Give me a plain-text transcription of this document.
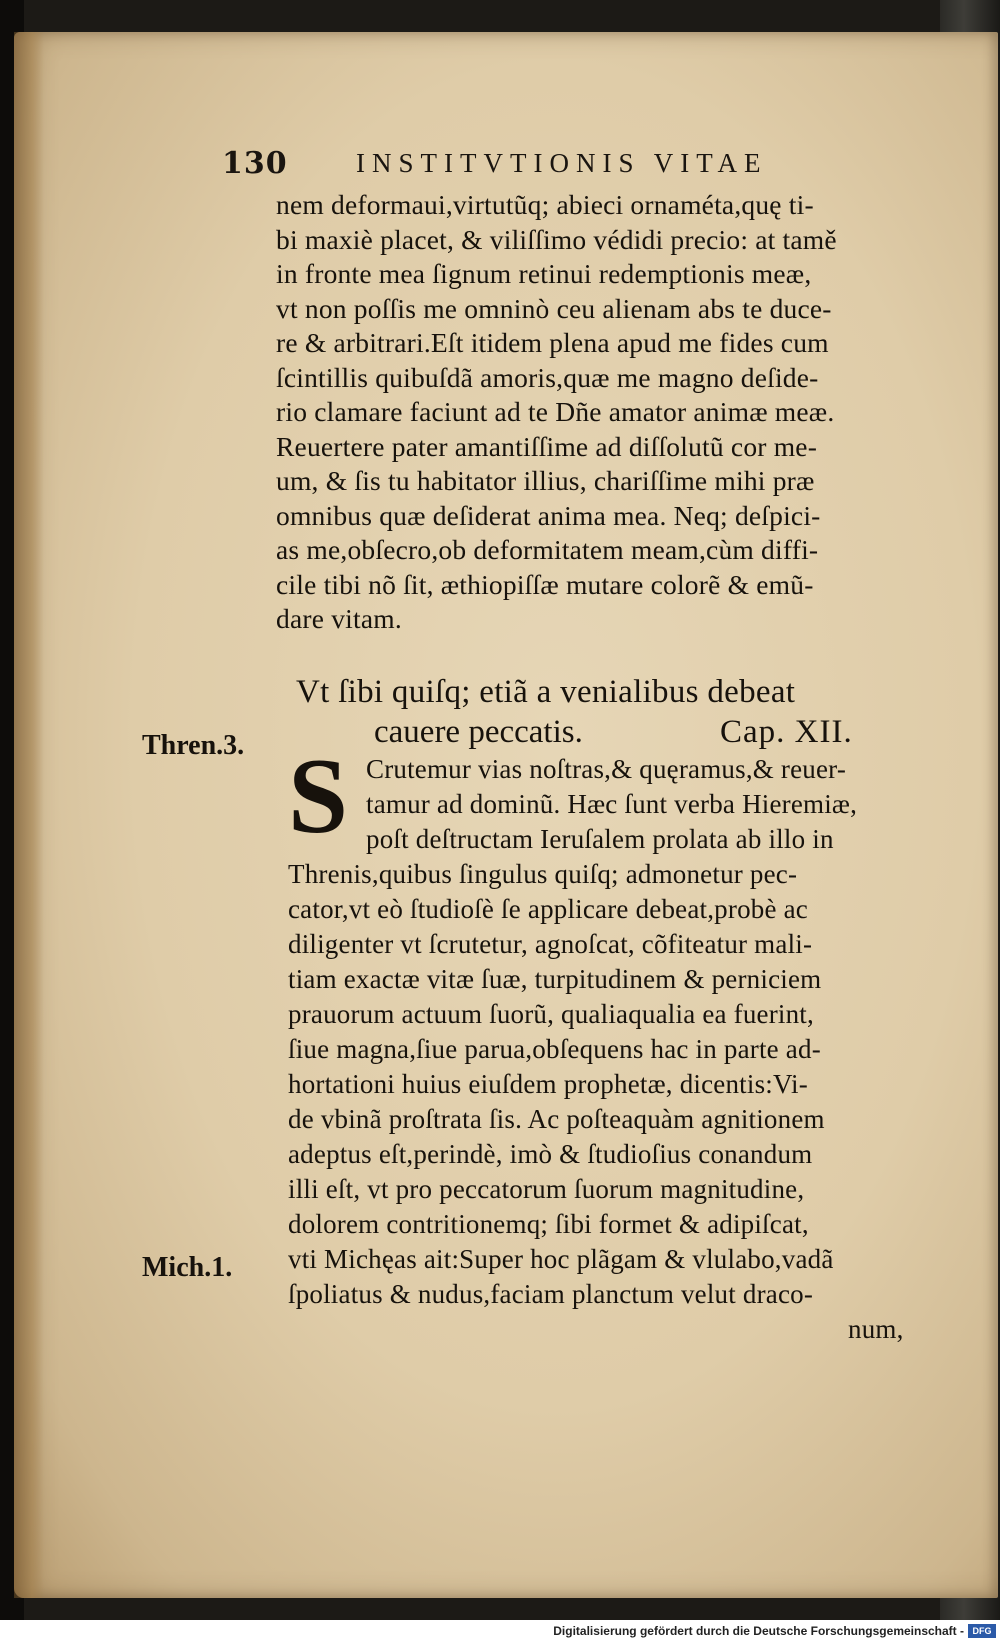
130	INSTITVTIONIS VITAE
nem deformaui,virtutũq; abieci ornaméta,quę ti-
bi maxiè placet, & viliſſimo védidi precio: at tamě
in fronte mea ſignum retinui redemptionis meæ,
vt non poſſis me omninò ceu alienam abs te duce-
re & arbitrari.Eſt itidem plena apud me fides cum
ſcintillis quibuſdã amoris,quæ me magno deſide-
rio clamare faciunt ad te Dñe amator animæ meæ.
Reuertere pater amantiſſime ad diſſolutũ cor me-
um, & ſis tu habitator illius, chariſſime mihi præ
omnibus quæ deſiderat anima mea. Neq; deſpici-
as me,obſecro,ob deformitatem meam,cùm diffi-
cile tibi nõ ſit, æthiopiſſæ mutare colorẽ & emũ-
dare vitam.
Vt ſibi quiſq; etiã a venialibus debeat
cauere peccatis.	Cap. XII.
Thren.3.
Mich.1.
S Crutemur vias noſtras,& quęramus,& reuer-
tamur ad dominũ. Hæc ſunt verba Hieremiæ,
poſt deſtructam Ieruſalem prolata ab illo in
Threnis,quibus ſingulus quiſq; admonetur pec-
cator,vt eò ſtudioſè ſe applicare debeat,probè ac
diligenter vt ſcrutetur, agnoſcat, cõfiteatur mali-
tiam exactæ vitæ ſuæ, turpitudinem & perniciem
prauorum actuum ſuorũ, qualiaqualia ea fuerint,
ſiue magna,ſiue parua,obſequens hac in parte ad-
hortationi huius eiuſdem prophetæ, dicentis:Vi-
de vbinã proſtrata ſis. Ac poſteaquàm agnitionem
adeptus eſt,perindè, imò & ſtudioſius conandum
illi eſt, vt pro peccatorum ſuorum magnitudine,
dolorem contritionemq; ſibi formet & adipiſcat,
vti Michęas ait:Super hoc plãgam & vlulabo,vadã
ſpoliatus & nudus,faciam planctum velut draco-
num,
Digitalisierung gefördert durch die Deutsche Forschungsgemeinschaft - DFG
